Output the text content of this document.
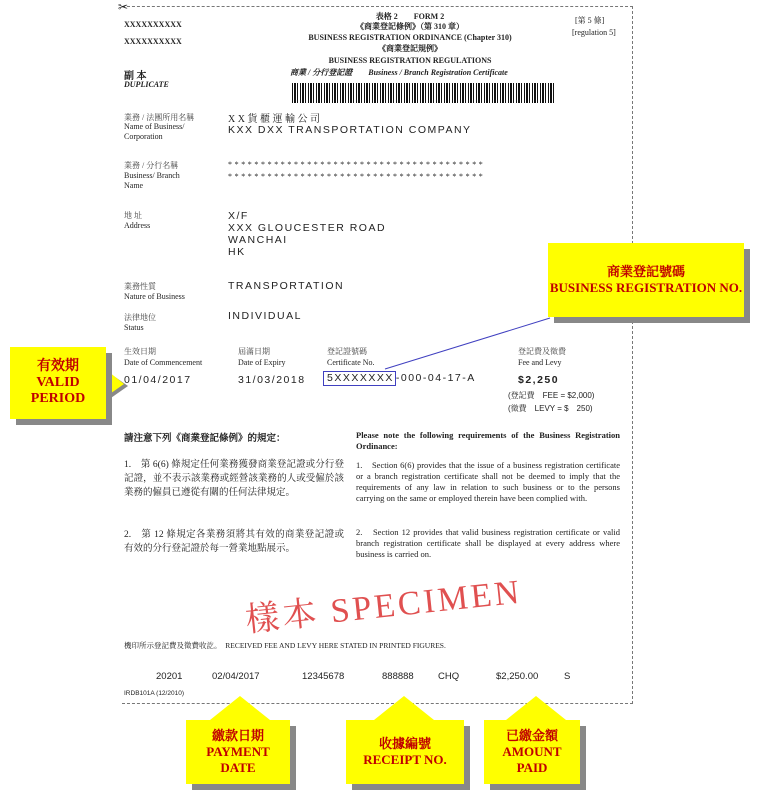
✂
XXXXXXXXXX
XXXXXXXXXX
副 本
DUPLICATE
表格 2　　 FORM 2
《商業登記條例》（第 310 章）
BUSINESS REGISTRATION ORDINANCE (Chapter 310)
《商業登記規例》
BUSINESS REGISTRATION REGULATIONS
商業 / 分行登記證　　 Business / Branch Registration Certificate
[第 5 條]
[regulation 5]
業務 / 法團所用名稱
Name of Business/ Corporation
X X 貨 櫃 運 輸 公 司
KXX DXX TRANSPORTATION COMPANY
業務 / 分行名稱
Business/ Branch Name
* * * * * * * * * * * * * * * * * * * * * * * * * * * * * * * * * * * * * * *
* * * * * * * * * * * * * * * * * * * * * * * * * * * * * * * * * * * * * * *
地 址
Address
X/F
XXX GLOUCESTER ROAD
WANCHAI
HK
業務性質
Nature of Business
TRANSPORTATION
法律地位
Status
INDIVIDUAL
生效日期
Date of Commencement
01/04/2017
屆滿日期
Date of Expiry
31/03/2018
登記證號碼
Certificate No.
5XXXXXXX -000-04-17-A
登記費及徵費
Fee and Levy
$2,250
(登記費　FEE = $2,000)
(徵費　LEVY = $　250)
樣本 SPECIMEN
請注意下列《商業登記條例》的規定：	Please note the following requirements of the Business Registration Ordinance:
1.　第 6(6) 條規定任何業務獲發商業登記證或分行登記證，並不表示該業務或經營該業務的人或受僱於該業務的僱員已遵從有關的任何法律規定。
2.　第 12 條規定各業務須將其有效的商業登記證或有效的分行登記證於每一營業地點展示。
1.　Section 6(6) provides that the issue of a business registration certificate or a branch registration certificate shall not be deemed to imply that the requirements of any law in relation to such business or to the persons carrying on the same or employed therein have been complied with.
2.　Section 12 provides that valid business registration certificate or valid branch registration certificate shall be displayed at every address where business is carried on.
機印所示登記費及徵費收訖。　RECEIVED FEE AND LEVY HERE STATED IN PRINTED FIGURES.
20201	02/04/2017	12345678	888888	CHQ	$2,250.00	S
IRDB101A (12/2010)
商業登記號碼
BUSINESS REGISTRATION NO.
有效期
VALID PERIOD
繳款日期
PAYMENT DATE
收據編號
RECEIPT NO.
已繳金額
AMOUNT PAID
